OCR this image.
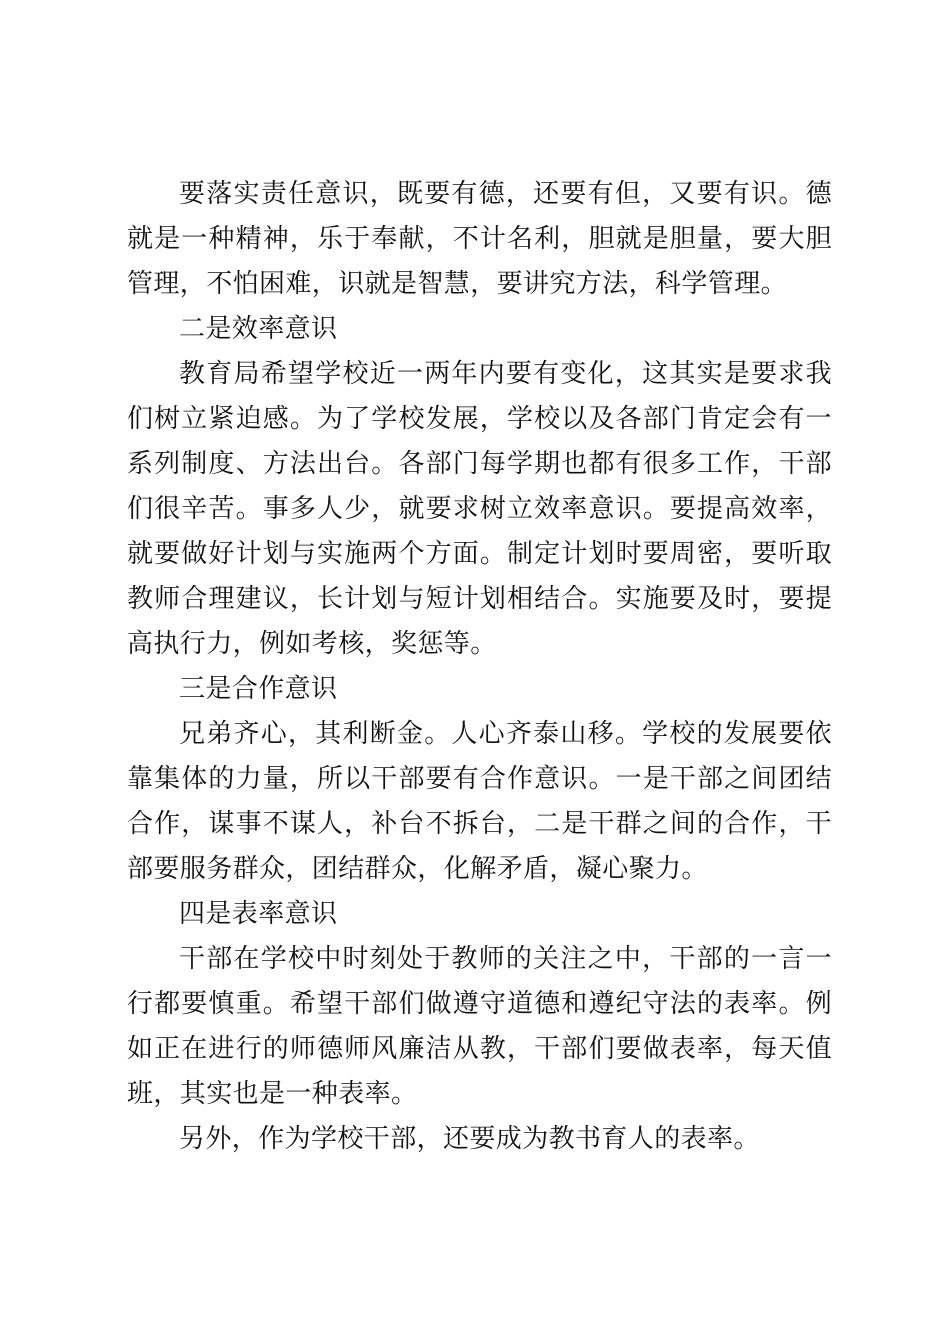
要落实责任意识，既要有德，还要有但，又要有识。德就是一种精神，乐于奉献，不计名利，胆就是胆量，要大胆管理，不怕困难，识就是智慧，要讲究方法，科学管理。

二是效率意识

教育局希望学校近一两年内要有变化，这其实是要求我们树立紧迫感。为了学校发展，学校以及各部门肯定会有一系列制度、方法出台。各部门每学期也都有很多工作，干部们很辛苦。事多人少，就要求树立效率意识。要提高效率，就要做好计划与实施两个方面。制定计划时要周密，要听取教师合理建议，长计划与短计划相结合。实施要及时，要提高执行力，例如考核，奖惩等。

三是合作意识

兄弟齐心，其利断金。人心齐泰山移。学校的发展要依靠集体的力量，所以干部要有合作意识。一是干部之间团结合作，谋事不谋人，补台不拆台，二是干群之间的合作，干部要服务群众，团结群众，化解矛盾，凝心聚力。

四是表率意识

干部在学校中时刻处于教师的关注之中，干部的一言一行都要慎重。希望干部们做遵守道德和遵纪守法的表率。例如正在进行的师德师风廉洁从教，干部们要做表率，每天值班，其实也是一种表率。

另外，作为学校干部，还要成为教书育人的表率。
